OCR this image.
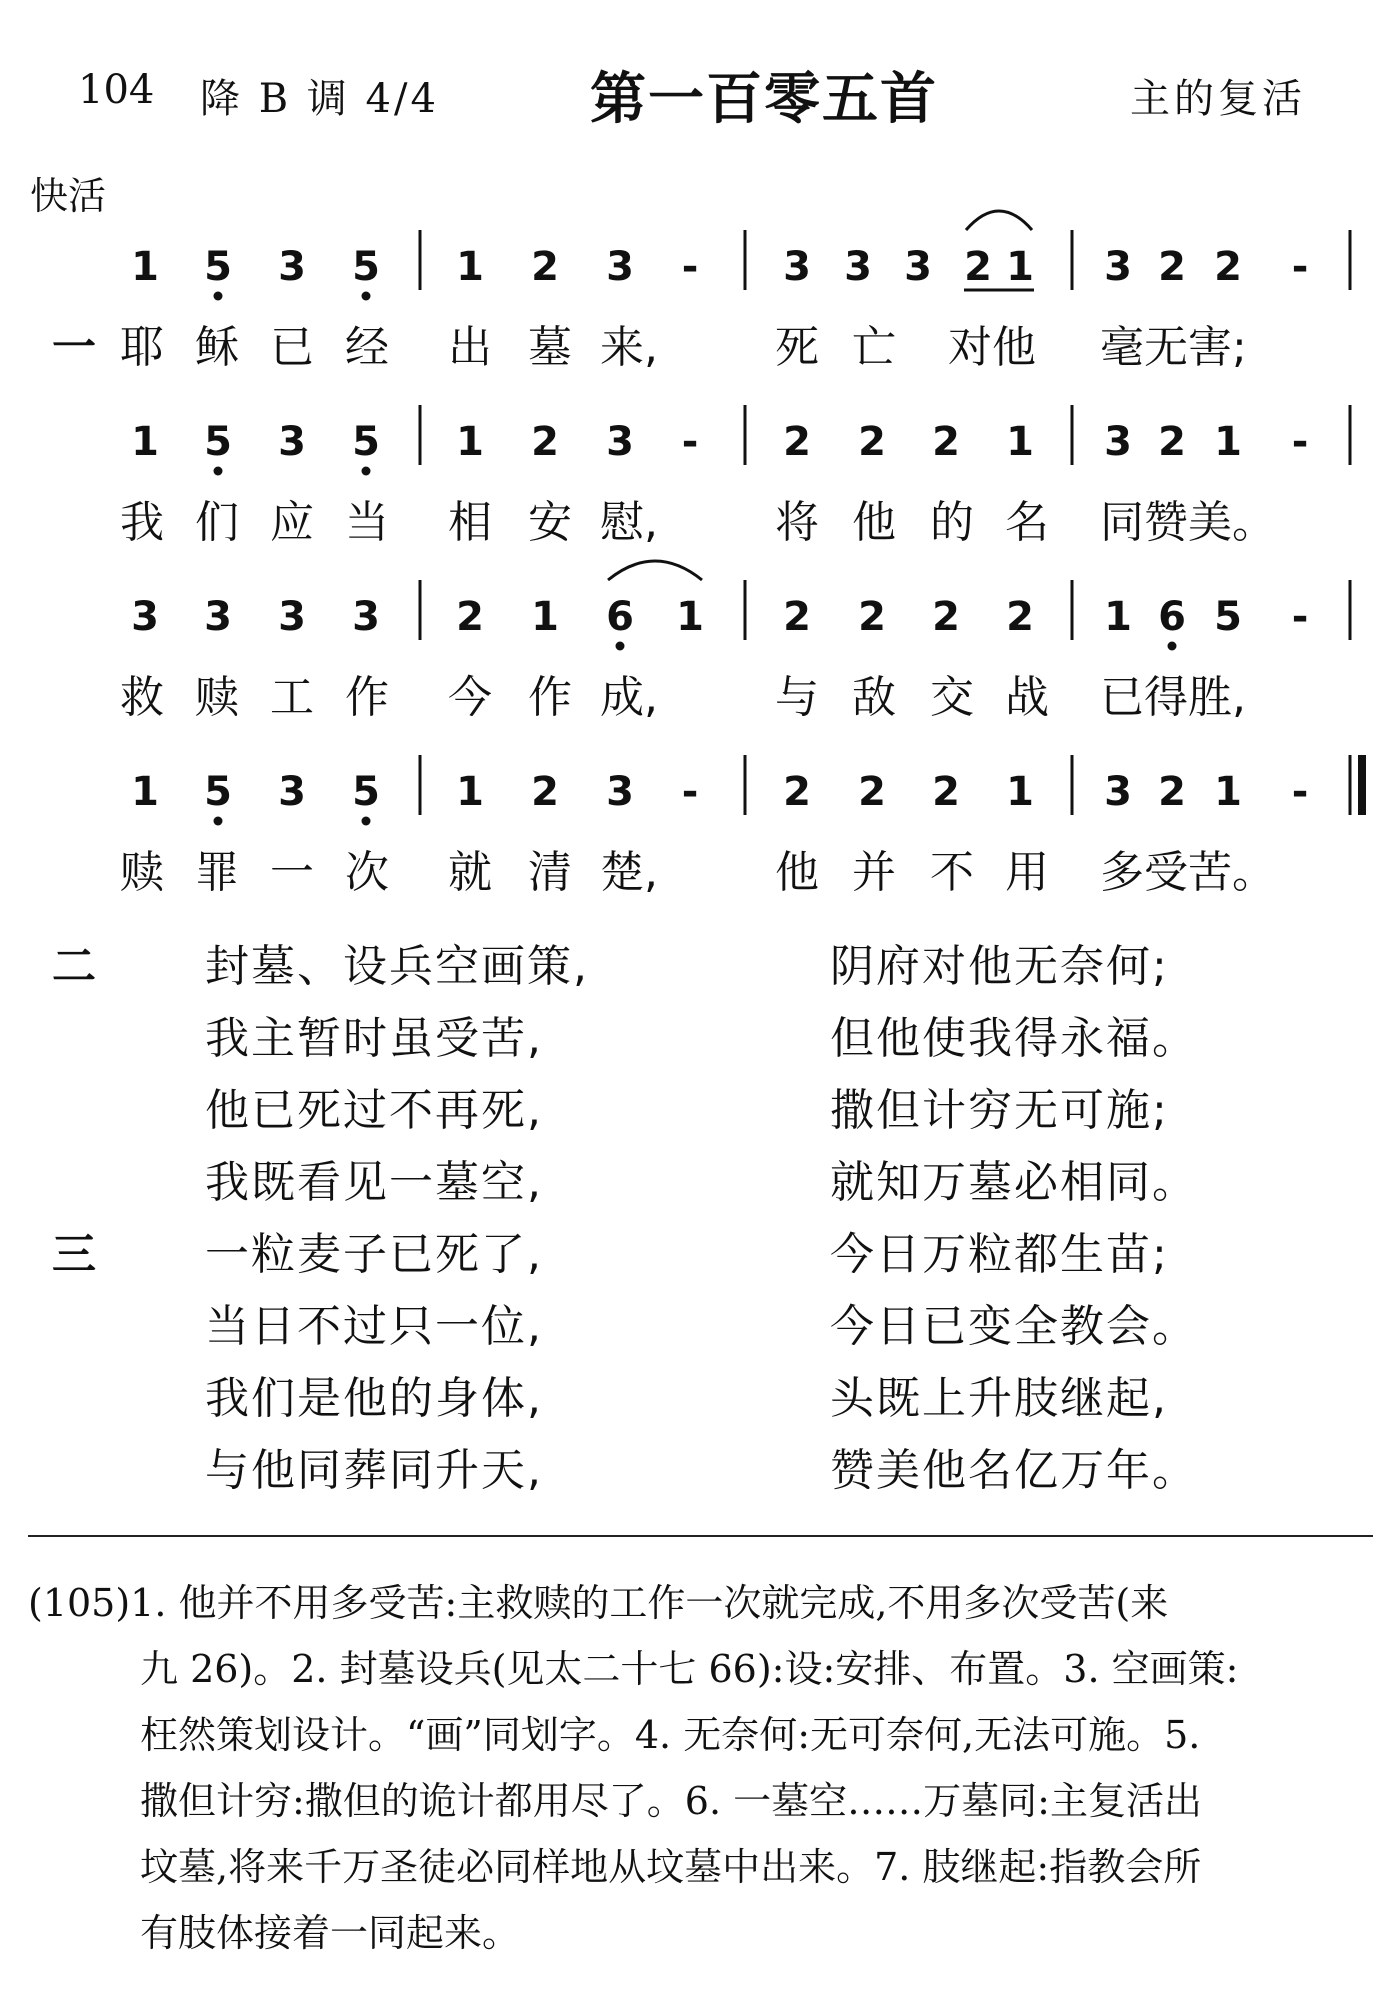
104 降 B 调 4/4	第一百零五首	主的复活
快活
1 5 3 5 1 2 3 - 3 3 3 2 1 3 2 2 -
一 耶 稣 已 经 出 墓 来,	死 亡 对他 毫无害;
1 5 3 5 1 2 3 - 2 2 2 1 3 2 1 -
我 们 应 当 相 安 慰,	将 他 的 名 同赞美。
3 3 3 3 2 1 6 1 2 2 2 2 1 6 5 -
救 赎 工 作 今 作 成,	与 敌 交 战 已得胜,
1 5 3 5 1 2 3 - 2 2 2 1 3 2 1 -
赎 罪 一 次 就 清 楚,	他 并 不 用 多受苦。
二 封墓、设兵空画策,	阴府对他无奈何;
我主暂时虽受苦,	但他使我得永福。
他已死过不再死,	撒但计穷无可施;
我既看见一墓空,	就知万墓必相同。
三 一粒麦子已死了,	今日万粒都生苗;
当日不过只一位,	今日已变全教会。
我们是他的身体,	头既上升肢继起,
与他同葬同升天,	赞美他名亿万年。
(105)1. 他并不用多受苦:主救赎的工作一次就完成,不用多次受苦(来
九 26)。2. 封墓设兵(见太二十七 66):设:安排、布置。3. 空画策:
枉然策划设计。“画”同划字。4. 无奈何:无可奈何,无法可施。5.
撒但计穷:撒但的诡计都用尽了。6. 一墓空……万墓同:主复活出
坟墓,将来千万圣徒必同样地从坟墓中出来。7. 肢继起:指教会所
有肢体接着一同起来。
